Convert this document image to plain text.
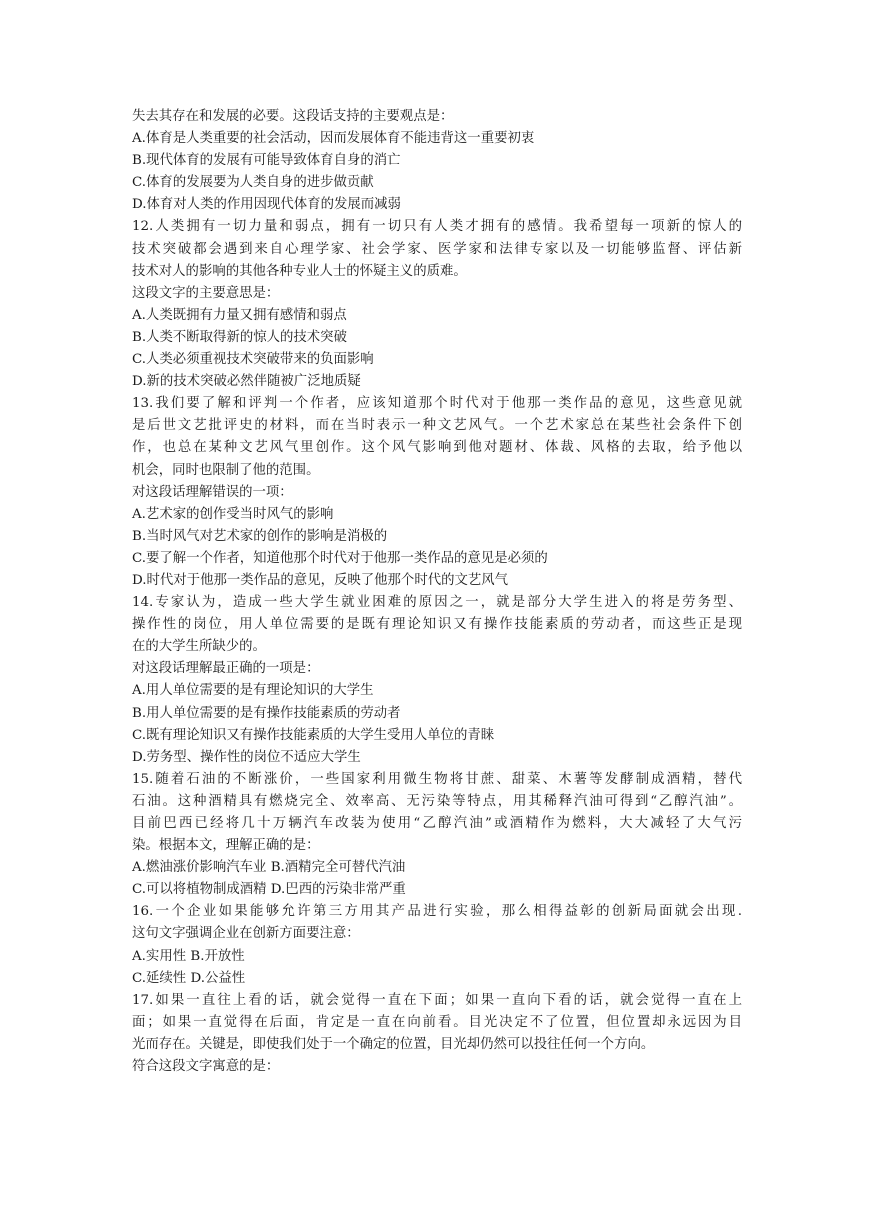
失去其存在和发展的必要。这段话支持的主要观点是：
A.体育是人类重要的社会活动，因而发展体育不能违背这一重要初衷
B.现代体育的发展有可能导致体育自身的消亡
C.体育的发展要为人类自身的进步做贡献
D.体育对人类的作用因现代体育的发展而减弱
12.人类拥有一切力量和弱点，拥有一切只有人类才拥有的感情。我希望每一项新的惊人的
技术突破都会遇到来自心理学家、社会学家、医学家和法律专家以及一切能够监督、评估新
技术对人的影响的其他各种专业人士的怀疑主义的质难。
这段文字的主要意思是：
A.人类既拥有力量又拥有感情和弱点
B.人类不断取得新的惊人的技术突破
C.人类必须重视技术突破带来的负面影响
D.新的技术突破必然伴随被广泛地质疑
13.我们要了解和评判一个作者，应该知道那个时代对于他那一类作品的意见，这些意见就
是后世文艺批评史的材料，而在当时表示一种文艺风气。一个艺术家总在某些社会条件下创
作，也总在某种文艺风气里创作。这个风气影响到他对题材、体裁、风格的去取，给予他以
机会，同时也限制了他的范围。
对这段话理解错误的一项：
A.艺术家的创作受当时风气的影响
B.当时风气对艺术家的创作的影响是消极的
C.要了解一个作者，知道他那个时代对于他那一类作品的意见是必须的
D.时代对于他那一类作品的意见，反映了他那个时代的文艺风气
14.专家认为，造成一些大学生就业困难的原因之一，就是部分大学生进入的将是劳务型、
操作性的岗位，用人单位需要的是既有理论知识又有操作技能素质的劳动者，而这些正是现
在的大学生所缺少的。
对这段话理解最正确的一项是：
A.用人单位需要的是有理论知识的大学生
B.用人单位需要的是有操作技能素质的劳动者
C.既有理论知识又有操作技能素质的大学生受用人单位的青睐
D.劳务型、操作性的岗位不适应大学生
15.随着石油的不断涨价，一些国家利用微生物将甘蔗、甜菜、木薯等发酵制成酒精，替代
石油。这种酒精具有燃烧完全、效率高、无污染等特点，用其稀释汽油可得到“乙醇汽油”。
目前巴西已经将几十万辆汽车改装为使用“乙醇汽油”或酒精作为燃料，大大减轻了大气污
染。根据本文，理解正确的是：
A.燃油涨价影响汽车业 B.酒精完全可替代汽油
C.可以将植物制成酒精 D.巴西的污染非常严重
16.一个企业如果能够允许第三方用其产品进行实验，那么相得益彰的创新局面就会出现.
这句文字强调企业在创新方面要注意：
A.实用性 B.开放性
C.延续性 D.公益性
17.如果一直往上看的话，就会觉得一直在下面；如果一直向下看的话，就会觉得一直在上
面；如果一直觉得在后面，肯定是一直在向前看。目光决定不了位置，但位置却永远因为目
光而存在。关键是，即使我们处于一个确定的位置，目光却仍然可以投往任何一个方向。
符合这段文字寓意的是：
